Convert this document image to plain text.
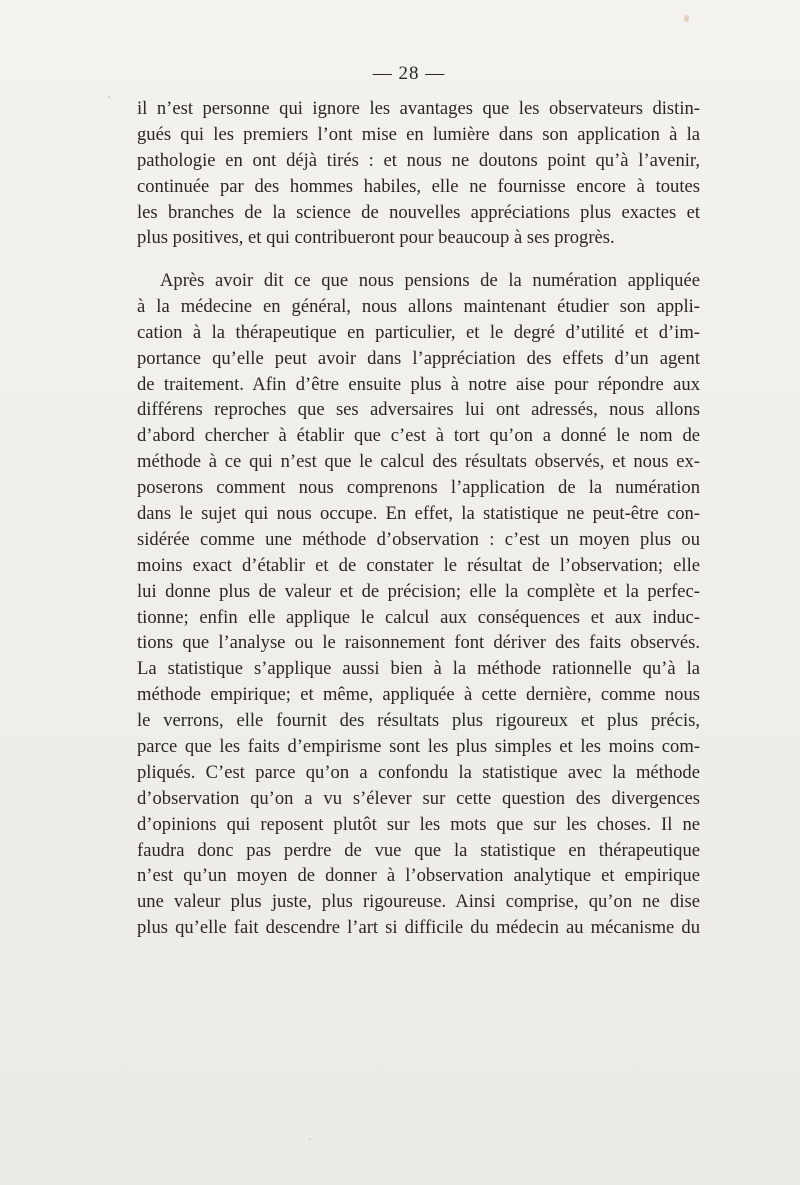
— 28 —
il n’est personne qui ignore les avantages que les observateurs distin-
gués qui les premiers l’ont mise en lumière dans son application à la
pathologie en ont déjà tirés : et nous ne doutons point qu’à l’avenir,
continuée par des hommes habiles, elle ne fournisse encore à toutes
les branches de la science de nouvelles appréciations plus exactes et
plus positives, et qui contribueront pour beaucoup à ses progrès.
Après avoir dit ce que nous pensions de la numération appliquée
à la médecine en général, nous allons maintenant étudier son appli-
cation à la thérapeutique en particulier, et le degré d’utilité et d’im-
portance qu’elle peut avoir dans l’appréciation des effets d’un agent
de traitement. Afin d’être ensuite plus à notre aise pour répondre aux
différens reproches que ses adversaires lui ont adressés, nous allons
d’abord chercher à établir que c’est à tort qu’on a donné le nom de
méthode à ce qui n’est que le calcul des résultats observés, et nous ex-
poserons comment nous comprenons l’application de la numération
dans le sujet qui nous occupe. En effet, la statistique ne peut-être con-
sidérée comme une méthode d’observation : c’est un moyen plus ou
moins exact d’établir et de constater le résultat de l’observation; elle
lui donne plus de valeur et de précision; elle la complète et la perfec-
tionne; enfin elle applique le calcul aux conséquences et aux induc-
tions que l’analyse ou le raisonnement font dériver des faits observés.
La statistique s’applique aussi bien à la méthode rationnelle qu’à la
méthode empirique; et même, appliquée à cette dernière, comme nous
le verrons, elle fournit des résultats plus rigoureux et plus précis,
parce que les faits d’empirisme sont les plus simples et les moins com-
pliqués. C’est parce qu’on a confondu la statistique avec la méthode
d’observation qu’on a vu s’élever sur cette question des divergences
d’opinions qui reposent plutôt sur les mots que sur les choses. Il ne
faudra donc pas perdre de vue que la statistique en thérapeutique
n’est qu’un moyen de donner à l’observation analytique et empirique
une valeur plus juste, plus rigoureuse. Ainsi comprise, qu’on ne dise
plus qu’elle fait descendre l’art si difficile du médecin au mécanisme du
